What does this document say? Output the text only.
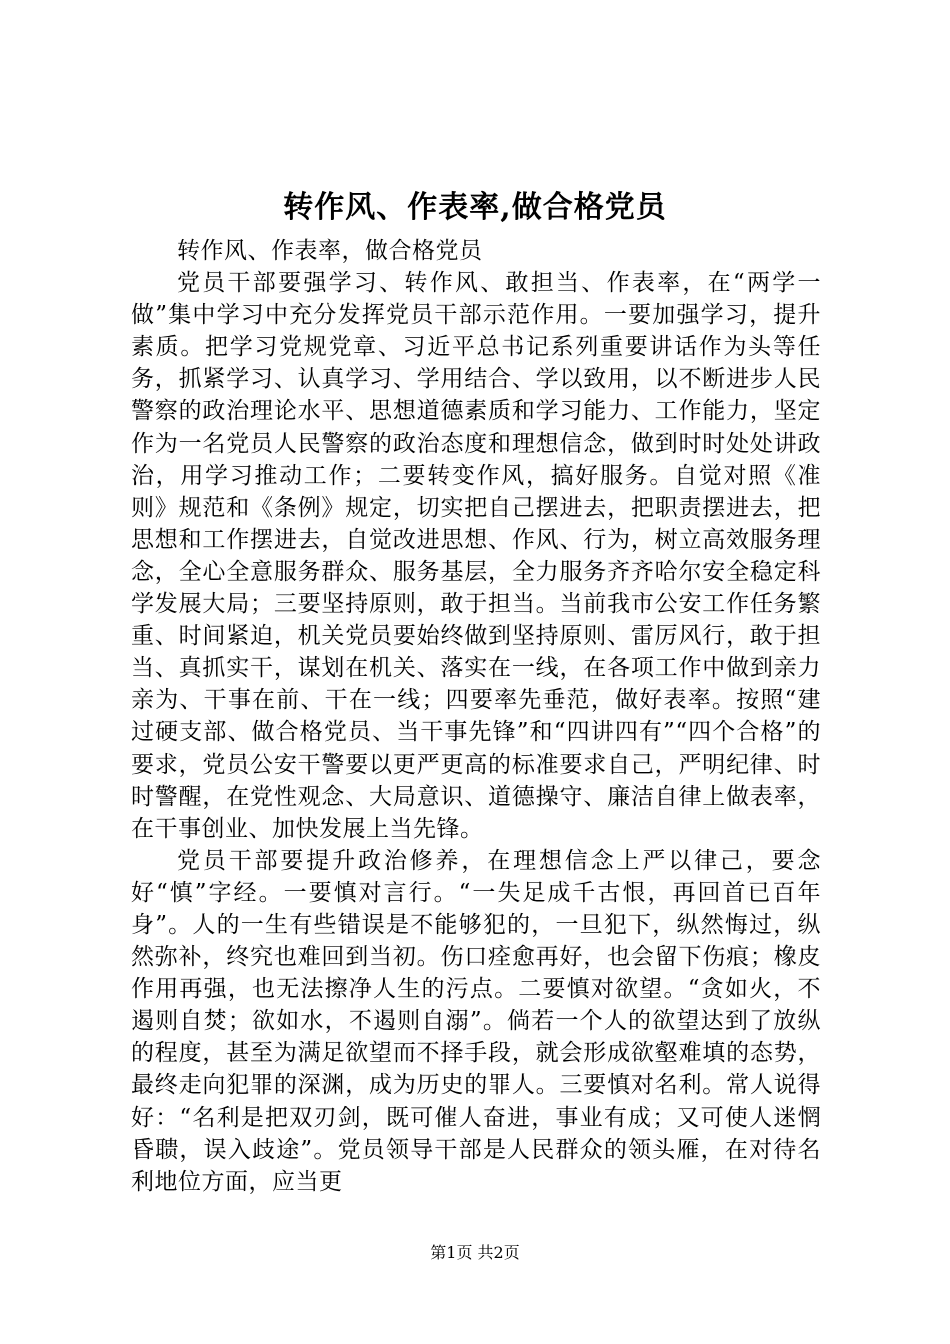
转作风、作表率,做合格党员

转作风、作表率，做合格党员

党员干部要强学习、转作风、敢担当、作表率，在“两学一做”集中学习中充分发挥党员干部示范作用。一要加强学习，提升素质。把学习党规党章、习近平总书记系列重要讲话作为头等任务，抓紧学习、认真学习、学用结合、学以致用，以不断进步人民警察的政治理论水平、思想道德素质和学习能力、工作能力，坚定作为一名党员人民警察的政治态度和理想信念，做到时时处处讲政治，用学习推动工作；二要转变作风，搞好服务。自觉对照《准则》规范和《条例》规定，切实把自己摆进去，把职责摆进去，把思想和工作摆进去，自觉改进思想、作风、行为，树立高效服务理念，全心全意服务群众、服务基层，全力服务齐齐哈尔安全稳定科学发展大局；三要坚持原则，敢于担当。当前我市公安工作任务繁重、时间紧迫，机关党员要始终做到坚持原则、雷厉风行，敢于担当、真抓实干，谋划在机关、落实在一线，在各项工作中做到亲力亲为、干事在前、干在一线；四要率先垂范，做好表率。按照“建过硬支部、做合格党员、当干事先锋”和“四讲四有”“四个合格”的要求，党员公安干警要以更严更高的标准要求自己，严明纪律、时时警醒，在党性观念、大局意识、道德操守、廉洁自律上做表率，在干事创业、加快发展上当先锋。

党员干部要提升政治修养，在理想信念上严以律己，要念好“慎”字经。一要慎对言行。“一失足成千古恨，再回首已百年身”。人的一生有些错误是不能够犯的，一旦犯下，纵然悔过，纵然弥补，终究也难回到当初。伤口痊愈再好，也会留下伤痕；橡皮作用再强，也无法擦净人生的污点。二要慎对欲望。“贪如火，不遏则自焚；欲如水，不遏则自溺”。倘若一个人的欲望达到了放纵的程度，甚至为满足欲望而不择手段，就会形成欲壑难填的态势，最终走向犯罪的深渊，成为历史的罪人。三要慎对名利。常人说得好：“名利是把双刃剑，既可催人奋进，事业有成；又可使人迷惘昏聩，误入歧途”。党员领导干部是人民群众的领头雁，在对待名利地位方面，应当更

第1页 共2页
